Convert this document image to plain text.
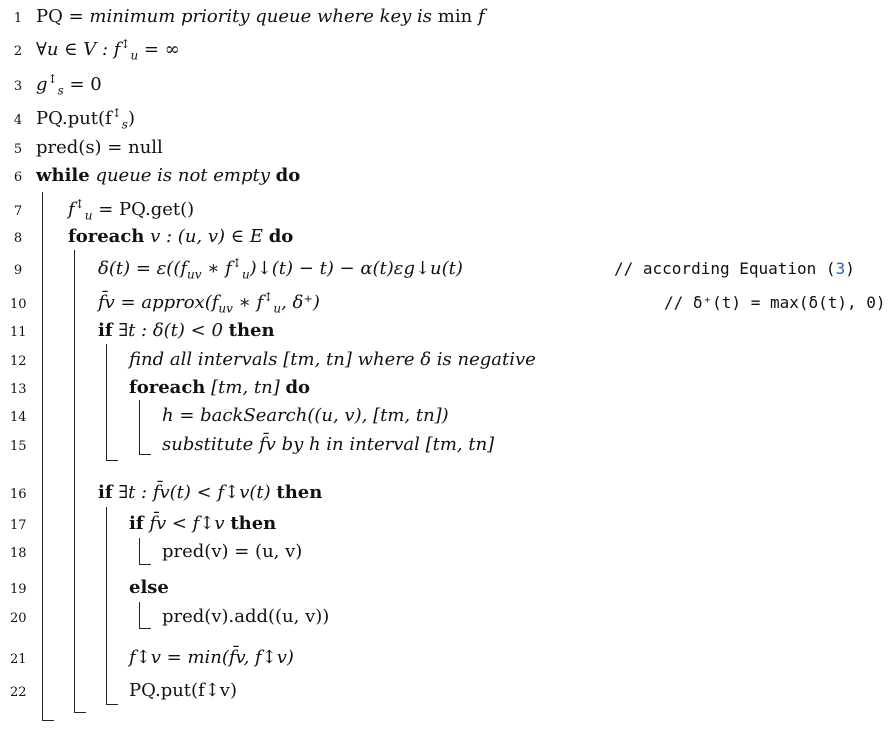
1 PQ = minimum priority queue where key is min f
2 ∀u ∈ V : $f^↕_u$ = ∞
3 $g^↕_s = 0$
4 $PQ.put(f^↕_s)$
5 pred(s) = null
6 while queue is not empty do
7	$f^↕_u = PQ.get()$
8	foreach v : (u, v) ∈ E do
9	$\delta(t) = \varepsilon((f_{uv}$ ∗ $f^↕_u)↓(t) - t$) − α(t)εg↓u(t)	// according Equation (3)
10	f̄v = $approx(f_{uv}$ ∗ $f^↕_u$, δ⁺)	// δ⁺(t) = max(δ(t), 0)
11	if ∃t : δ(t) < 0 then
12	find all intervals [tm, tn] where δ is negative
13	foreach [tm, tn] do
14	h = backSearch((u, v), [tm, tn])
15	substitute f̄v by h in interval [tm, tn]
16	if ∃t : f̄v(t) < f↕v(t) then
17	if f̄v < f↕v then
18	pred(v) = (u, v)
19	else
20	pred(v).add((u, v))
21	f↕v = min(f̄v, f↕v)
22	PQ.put(f↕v)
